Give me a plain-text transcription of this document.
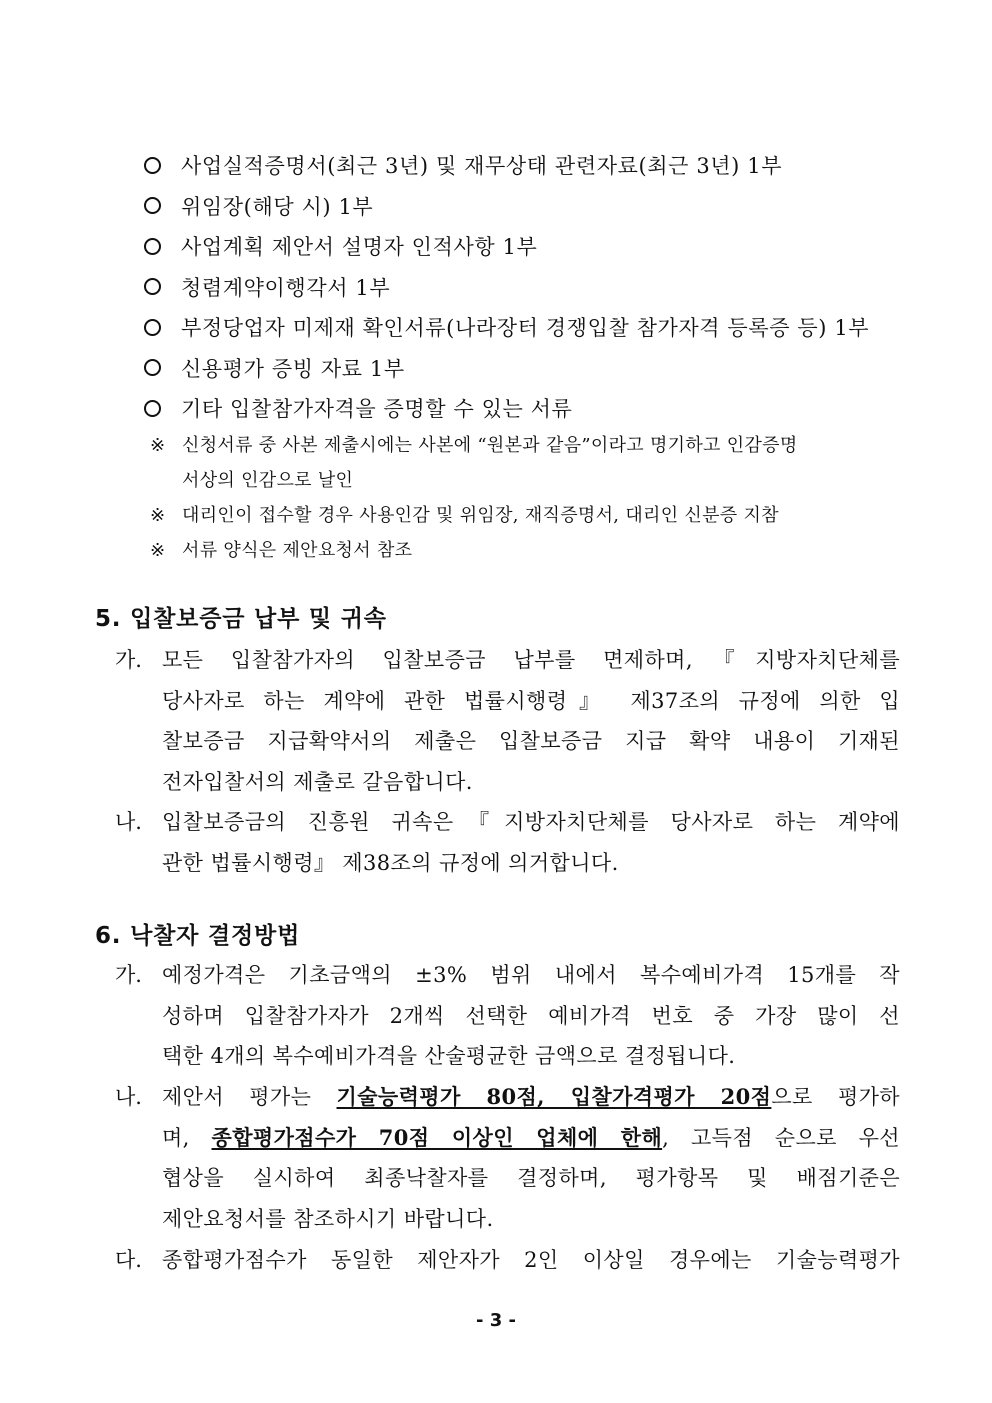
사업실적증명서(최근 3년) 및 재무상태 관련자료(최근 3년) 1부
위임장(해당 시) 1부
사업계획 제안서 설명자 인적사항 1부
청렴계약이행각서 1부
부정당업자 미제재 확인서류(나라장터 경쟁입찰 참가자격 등록증 등) 1부
신용평가 증빙 자료 1부
기타 입찰참가자격을 증명할 수 있는 서류
※ 신청서류 중 사본 제출시에는 사본에 “원본과 같음”이라고 명기하고 인감증명
서상의 인감으로 날인
※ 대리인이 접수할 경우 사용인감 및 위임장, 재직증명서, 대리인 신분증 지참
※ 서류 양식은 제안요청서 참조
5. 입찰보증금 납부 및 귀속
가. 모든 입찰참가자의 입찰보증금 납부를 면제하며,『지방자치단체를
당사자로 하는 계약에 관한 법률시행령』 제37조의 규정에 의한 입
찰보증금 지급확약서의 제출은 입찰보증금 지급 확약 내용이 기재된
전자입찰서의 제출로 갈음합니다.
나. 입찰보증금의 진흥원 귀속은『지방자치단체를 당사자로 하는 계약에
관한 법률시행령』 제38조의 규정에 의거합니다.
6. 낙찰자 결정방법
가. 예정가격은 기초금액의 ±3% 범위 내에서 복수예비가격 15개를 작
성하며 입찰참가자가 2개씩 선택한 예비가격 번호 중 가장 많이 선
택한 4개의 복수예비가격을 산술평균한 금액으로 결정됩니다.
나. 제안서 평가는 기술능력평가 80점, 입찰가격평가 20점으로 평가하
며, 종합평가점수가 70점 이상인 업체에 한해, 고득점 순으로 우선
협상을 실시하여 최종낙찰자를 결정하며, 평가항목 및 배점기준은
제안요청서를 참조하시기 바랍니다.
다. 종합평가점수가 동일한 제안자가 2인 이상일 경우에는 기술능력평가
- 3 -
